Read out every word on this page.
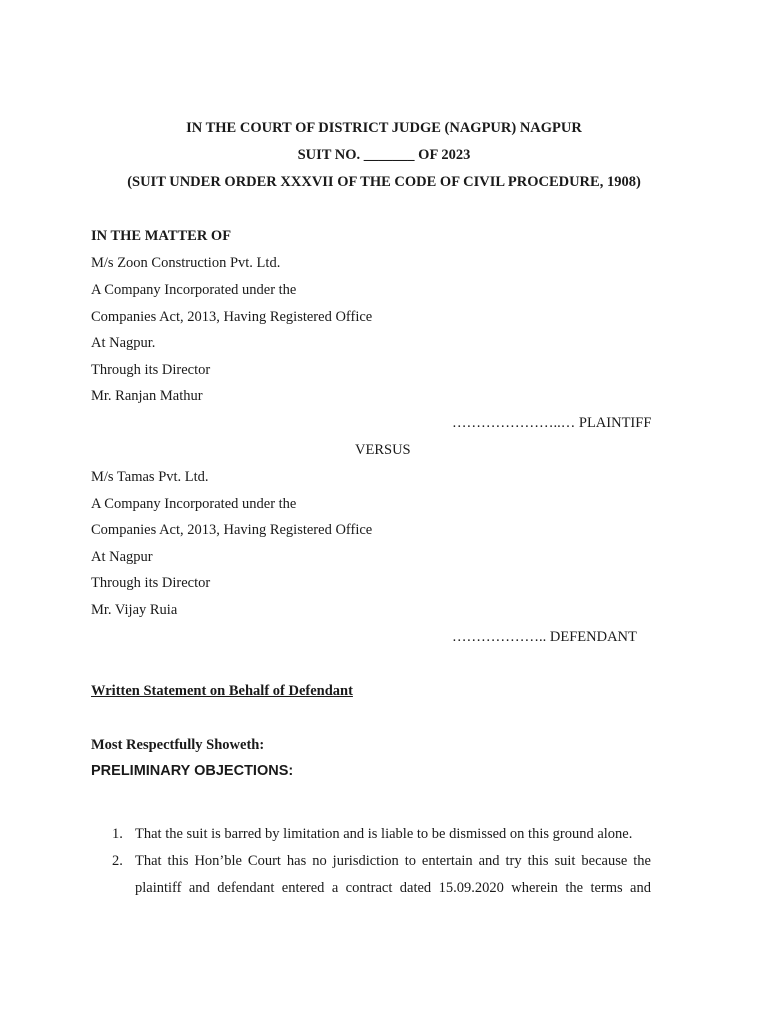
IN THE COURT OF DISTRICT JUDGE (NAGPUR) NAGPUR
SUIT NO. _______ OF 2023
(SUIT UNDER ORDER XXXVII OF THE CODE OF CIVIL PROCEDURE, 1908)
IN THE MATTER OF
M/s Zoon Construction Pvt. Ltd.
A Company Incorporated under the
Companies Act, 2013, Having Registered Office
At Nagpur.
Through its Director
Mr. Ranjan Mathur
…………………..… PLAINTIFF
VERSUS
M/s Tamas Pvt. Ltd.
A Company Incorporated under the
Companies Act, 2013, Having Registered Office
At Nagpur
Through its Director
Mr. Vijay Ruia
……………….. DEFENDANT
Written Statement on Behalf of Defendant
Most Respectfully Showeth:
PRELIMINARY OBJECTIONS:
1. That the suit is barred by limitation and is liable to be dismissed on this ground alone.
2. That this Hon’ble Court has no jurisdiction to entertain and try this suit because the
plaintiff and defendant entered a contract dated 15.09.2020 wherein the terms and
